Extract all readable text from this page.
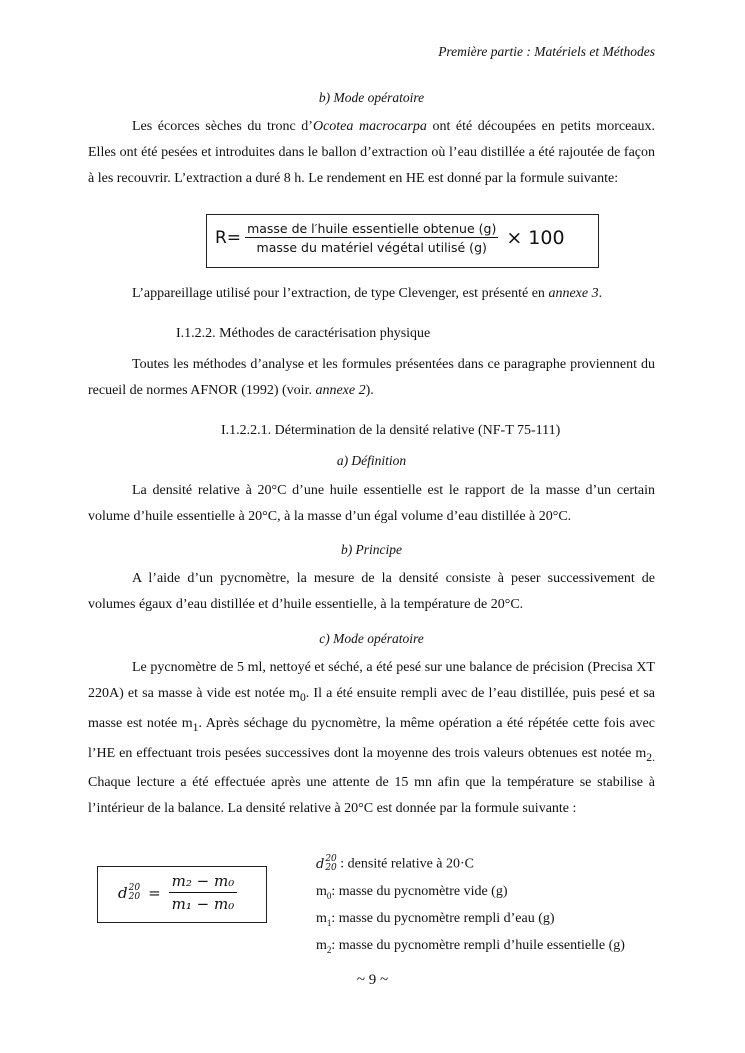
Première partie : Matériels et Méthodes
b) Mode opératoire

Les écorces sèches du tronc d’Ocotea macrocarpa ont été découpées en petits morceaux. Elles ont été pesées et introduites dans le ballon d’extraction où l’eau distillée a été rajoutée de façon à les recouvrir. L’extraction a duré 8 h. Le rendement en HE est donné par la formule suivante:

$R= \frac{\text{masse de l′huile essentielle obtenue (g)}}{\text{masse du matériel végétal utilisé (g)}} \times 100$

L’appareillage utilisé pour l’extraction, de type Clevenger, est présenté en annexe 3.

I.1.2.2. Méthodes de caractérisation physique

Toutes les méthodes d’analyse et les formules présentées dans ce paragraphe proviennent du recueil de normes AFNOR (1992) (voir. annexe 2).

I.1.2.2.1. Détermination de la densité relative (NF-T 75-111)
a) Définition

La densité relative à 20°C d’une huile essentielle est le rapport de la masse d’un certain volume d’huile essentielle à 20°C, à la masse d’un égal volume d’eau distillée à 20°C.

b) Principe

A l’aide d’un pycnomètre, la mesure de la densité consiste à peser successivement de volumes égaux d’eau distillée et d’huile essentielle, à la température de 20°C.

c) Mode opératoire

Le pycnomètre de 5 ml, nettoyé et séché, a été pesé sur une balance de précision (Precisa XT 220A) et sa masse à vide est notée $m_0$. Il a été ensuite rempli avec de l’eau distillée, puis pesé et sa masse est notée $m_1$. Après séchage du pycnomètre, la même opération a été répétée cette fois avec l’HE en effectuant trois pesées successives dont la moyenne des trois valeurs obtenues est notée $m_{2.}$ Chaque lecture a été effectuée après une attente de 15 mn afin que la température se stabilise à l’intérieur de la balance. La densité relative à 20°C est donnée par la formule suivante :

d 20
$20 = \frac{\text{m₂ − m₀}}{\text{m₁ − m₀}}$
d 20
20 : densité relative à 20·C
$m_0$: masse du pycnomètre vide (g)
$m_1$: masse du pycnomètre rempli d’eau (g)
$m_2$: masse du pycnomètre rempli d’huile essentielle (g)
~ 9 ~
